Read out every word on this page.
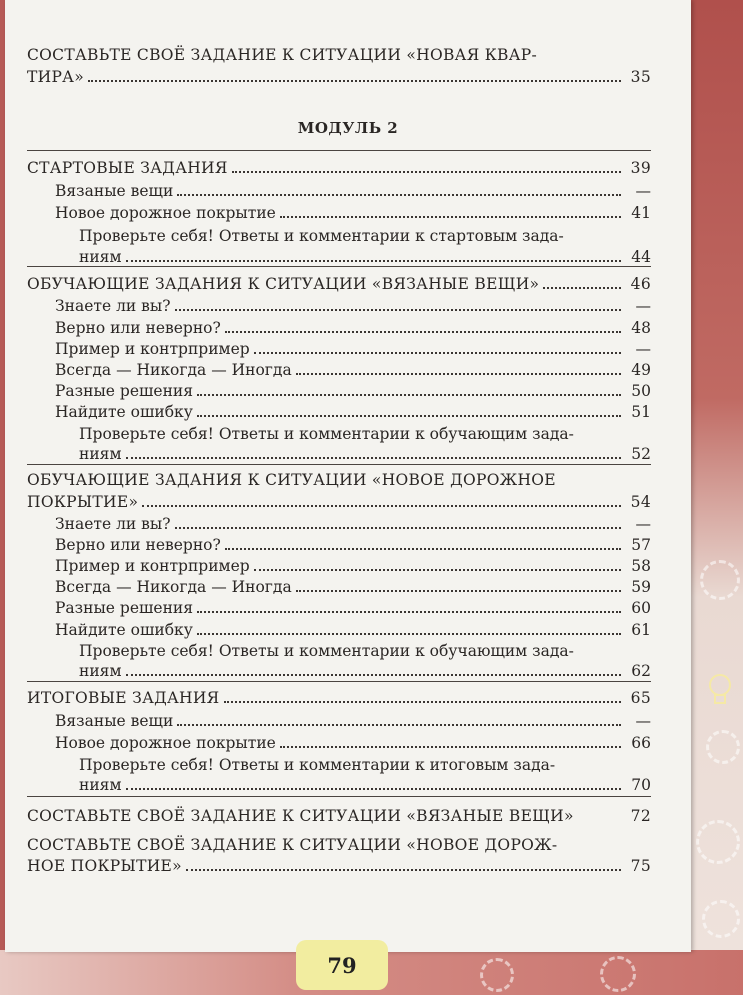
СОСТАВЬТЕ СВОЁ ЗАДАНИЕ К СИТУАЦИИ «НОВАЯ КВАР-
ТИРА»	35
МОДУЛЬ 2
СТАРТОВЫЕ ЗАДАНИЯ	39
Вязаные вещи	—
Новое дорожное покрытие	41
Проверьте себя! Ответы и комментарии к стартовым зада-
ниям	44
ОБУЧАЮЩИЕ ЗАДАНИЯ К СИТУАЦИИ «ВЯЗАНЫЕ ВЕЩИ»	46
Знаете ли вы?	—
Верно или неверно?	48
Пример и контрпример	—
Всегда — Никогда — Иногда	49
Разные решения	50
Найдите ошибку	51
Проверьте себя! Ответы и комментарии к обучающим зада-
ниям	52
ОБУЧАЮЩИЕ ЗАДАНИЯ К СИТУАЦИИ «НОВОЕ ДОРОЖНОЕ
ПОКРЫТИЕ»	54
Знаете ли вы?	—
Верно или неверно?	57
Пример и контрпример	58
Всегда — Никогда — Иногда	59
Разные решения	60
Найдите ошибку	61
Проверьте себя! Ответы и комментарии к обучающим зада-
ниям	62
ИТОГОВЫЕ ЗАДАНИЯ	65
Вязаные вещи	—
Новое дорожное покрытие	66
Проверьте себя! Ответы и комментарии к итоговым зада-
ниям	70
СОСТАВЬТЕ СВОЁ ЗАДАНИЕ К СИТУАЦИИ «ВЯЗАНЫЕ ВЕЩИ»	72
СОСТАВЬТЕ СВОЁ ЗАДАНИЕ К СИТУАЦИИ «НОВОЕ ДОРОЖ-
НОЕ ПОКРЫТИЕ»	75
79
